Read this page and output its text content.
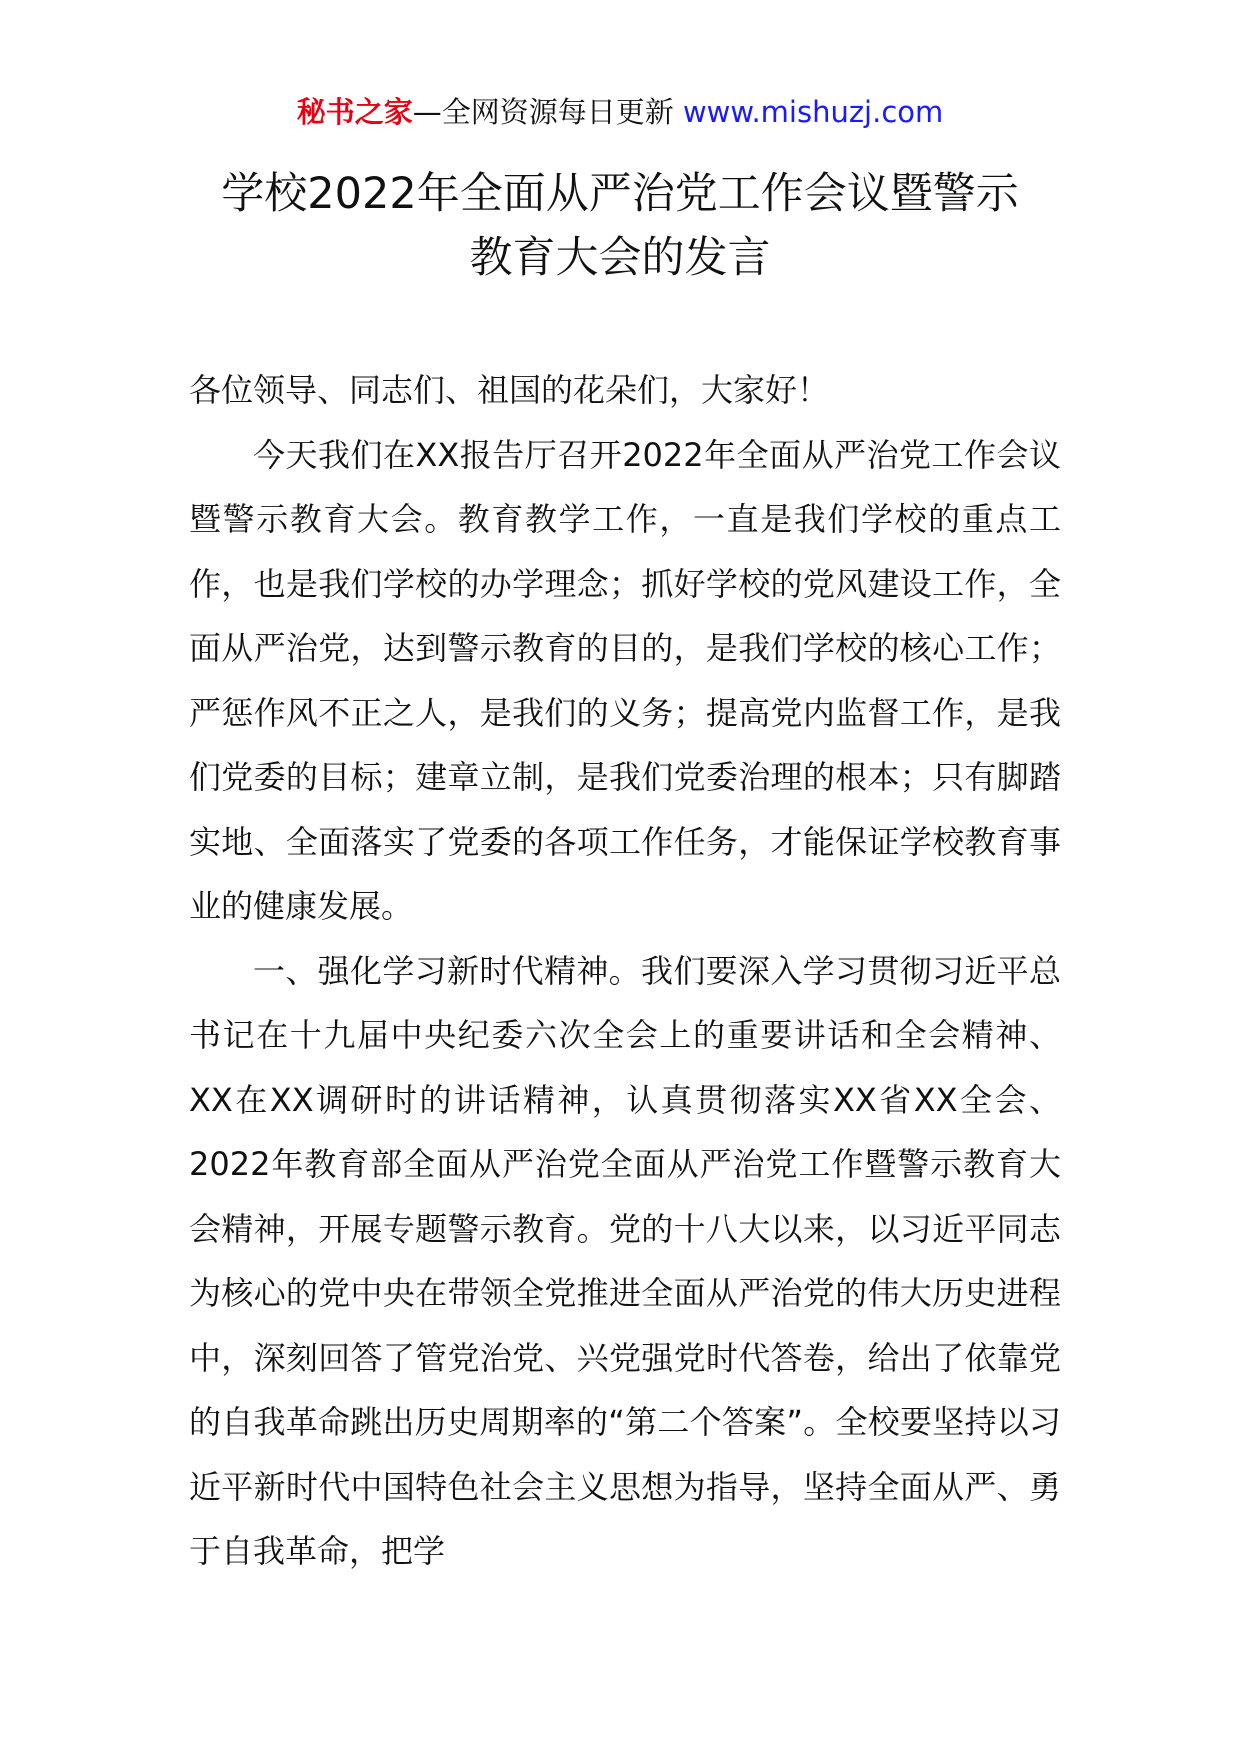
秘书之家—全网资源每日更新 www.mishuzj.com
学校2022年全面从严治党工作会议暨警示
教育大会的发言

各位领导、同志们、祖国的花朵们，大家好！

今天我们在XX报告厅召开2022年全面从严治党工作会议暨警示教育大会。教育教学工作，一直是我们学校的重点工作，也是我们学校的办学理念；抓好学校的党风建设工作，全面从严治党，达到警示教育的目的，是我们学校的核心工作；严惩作风不正之人，是我们的义务；提高党内监督工作，是我们党委的目标；建章立制，是我们党委治理的根本；只有脚踏实地、全面落实了党委的各项工作任务，才能保证学校教育事业的健康发展。

一、强化学习新时代精神。我们要深入学习贯彻习近平总书记在十九届中央纪委六次全会上的重要讲话和全会精神、XX在XX调研时的讲话精神，认真贯彻落实XX省XX全会、2022年教育部全面从严治党全面从严治党工作暨警示教育大会精神，开展专题警示教育。党的十八大以来，以习近平同志为核心的党中央在带领全党推进全面从严治党的伟大历史进程中，深刻回答了管党治党、兴党强党时代答卷，给出了依靠党的自我革命跳出历史周期率的“第二个答案”。全校要坚持以习近平新时代中国特色社会主义思想为指导，坚持全面从严、勇于自我革命，把学
